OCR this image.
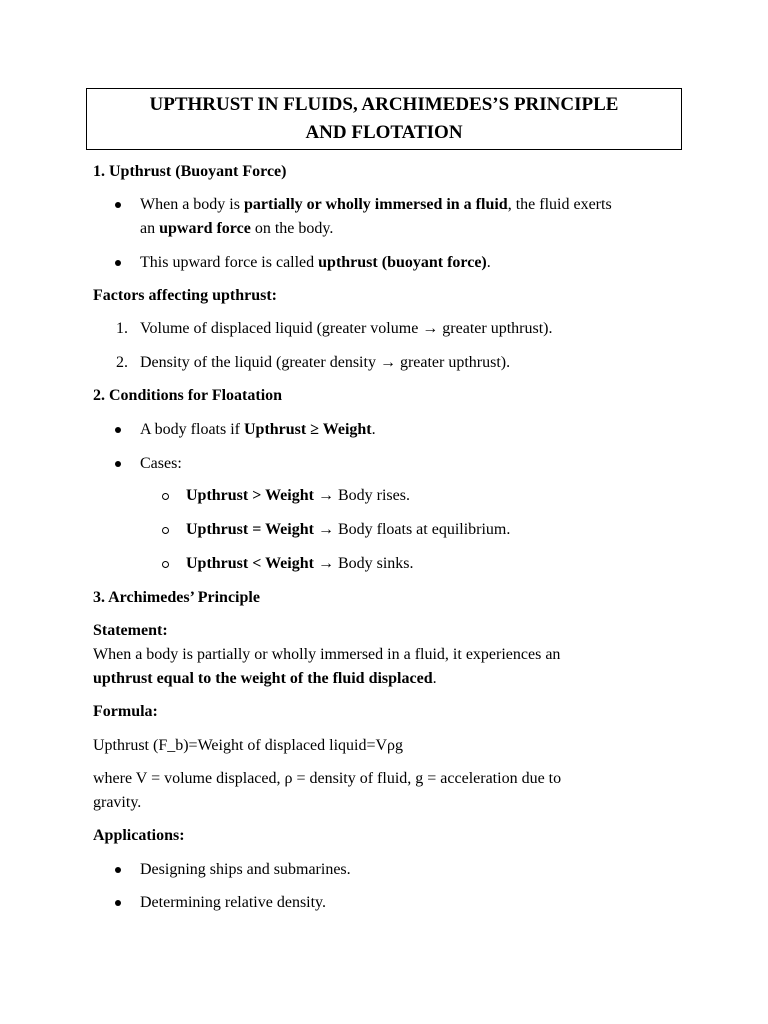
UPTHRUST IN FLUIDS, ARCHIMEDES’S PRINCIPLE
AND FLOTATION
1. Upthrust (Buoyant Force)
When a body is partially or wholly immersed in a fluid, the fluid exerts
an upward force on the body.
This upward force is called upthrust (buoyant force).
Factors affecting upthrust:
1. Volume of displaced liquid (greater volume → greater upthrust).
2. Density of the liquid (greater density → greater upthrust).
2. Conditions for Floatation
A body floats if Upthrust ≥ Weight.
Cases:
Upthrust > Weight → Body rises.
Upthrust = Weight → Body floats at equilibrium.
Upthrust < Weight → Body sinks.
3. Archimedes’ Principle
Statement:
When a body is partially or wholly immersed in a fluid, it experiences an
upthrust equal to the weight of the fluid displaced.
Formula:
Upthrust (F_b)=Weight of displaced liquid=Vρg
where V = volume displaced, ρ = density of fluid, g = acceleration due to
gravity.
Applications:
Designing ships and submarines.
Determining relative density.
